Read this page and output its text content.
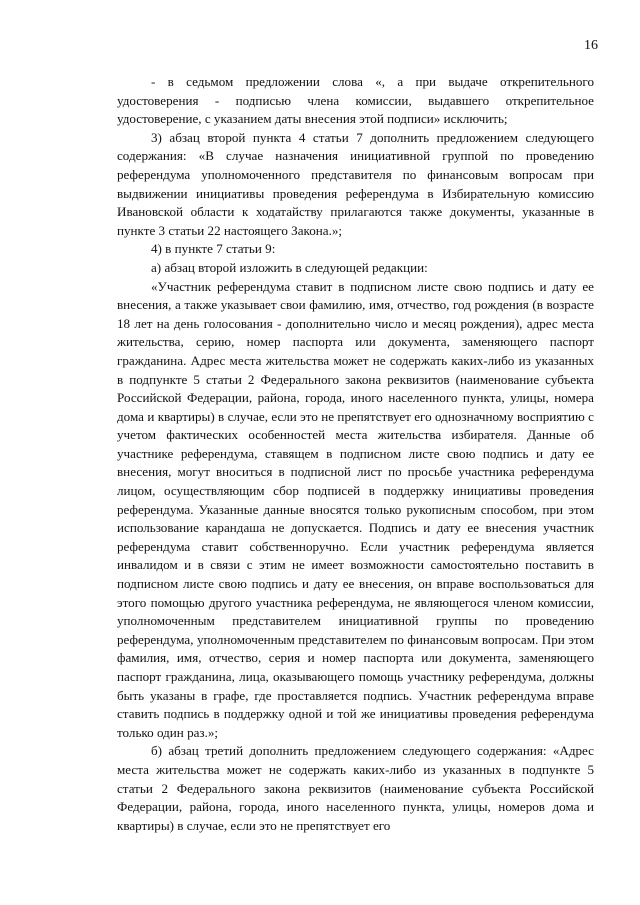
16

- в седьмом предложении слова «, а при выдаче открепительного удостоверения - подписью члена комиссии, выдавшего открепительное удостоверение, с указанием даты внесения этой подписи» исключить;

3) абзац второй пункта 4 статьи 7 дополнить предложением следующего содержания: «В случае назначения инициативной группой по проведению референдума уполномоченного представителя по финансовым вопросам при выдвижении инициативы проведения референдума в Избирательную комиссию Ивановской области к ходатайству прилагаются также документы, указанные в пункте 3 статьи 22 настоящего Закона.»;

4) в пункте 7 статьи 9:

а) абзац второй изложить в следующей редакции:

«Участник референдума ставит в подписном листе свою подпись и дату ее внесения, а также указывает свои фамилию, имя, отчество, год рождения (в возрасте 18 лет на день голосования - дополнительно число и месяц рождения), адрес места жительства, серию, номер паспорта или документа, заменяющего паспорт гражданина. Адрес места жительства может не содержать каких-либо из указанных в подпункте 5 статьи 2 Федерального закона реквизитов (наименование субъекта Российской Федерации, района, города, иного населенного пункта, улицы, номера дома и квартиры) в случае, если это не препятствует его однозначному восприятию с учетом фактических особенностей места жительства избирателя. Данные об участнике референдума, ставящем в подписном листе свою подпись и дату ее внесения, могут вноситься в подписной лист по просьбе участника референдума лицом, осуществляющим сбор подписей в поддержку инициативы проведения референдума. Указанные данные вносятся только рукописным способом, при этом использование карандаша не допускается. Подпись и дату ее внесения участник референдума ставит собственноручно. Если участник референдума является инвалидом и в связи с этим не имеет возможности самостоятельно поставить в подписном листе свою подпись и дату ее внесения, он вправе воспользоваться для этого помощью другого участника референдума, не являющегося членом комиссии, уполномоченным представителем инициативной группы по проведению референдума, уполномоченным представителем по финансовым вопросам. При этом фамилия, имя, отчество, серия и номер паспорта или документа, заменяющего паспорт гражданина, лица, оказывающего помощь участнику референдума, должны быть указаны в графе, где проставляется подпись. Участник референдума вправе ставить подпись в поддержку одной и той же инициативы проведения референдума только один раз.»;

б) абзац третий дополнить предложением следующего содержания: «Адрес места жительства может не содержать каких-либо из указанных в подпункте 5 статьи 2 Федерального закона реквизитов (наименование субъекта Российской Федерации, района, города, иного населенного пункта, улицы, номеров дома и квартиры) в случае, если это не препятствует его
